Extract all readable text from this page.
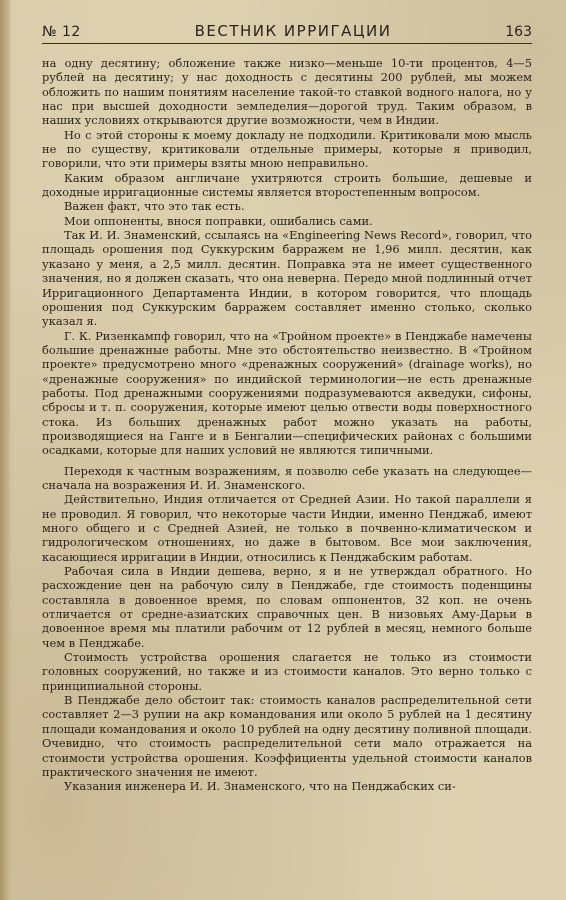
№ 12	ВЕСТНИК ИРРИГАЦИИ	163

на одну десятину; обложение также низко—меньше 10-ти процентов, 4—5 рублей на десятину; у нас доходность с десятины 200 рублей, мы можем обложить по нашим понятиям население такой-то ставкой водного налога, но у нас при высшей доходности земледелия—дорогой труд. Таким образом, в наших условиях открываются другие возможности, чем в Индии.

Но с этой стороны к моему докладу не подходили. Критиковали мою мысль не по существу, критиковали отдельные примеры, которые я приводил, говорили, что эти примеры взяты мною неправильно.

Каким образом англичане ухитряются строить большие, дешевые и доходные ирригационные системы является второстепенным вопросом.

Важен факт, что это так есть.

Мои оппоненты, внося поправки, ошибались сами.

Так И. И. Знаменский, ссылаясь на «Engineering News Record», говорил, что площадь орошения под Суккурским барражем не 1,96 милл. десятин, как указано у меня, а 2,5 милл. десятин. Поправка эта не имеет существенного значения, но я должен сказать, что она неверна. Передо мной подлинный отчет Ирригационного Департамента Индии, в котором говорится, что площадь орошения под Суккурским барражем составляет именно столько, сколько указал я.

Г. К. Ризенкампф говорил, что на «Тройном проекте» в Пенджабе намечены большие дренажные работы. Мне это обстоятельство неизвестно. В «Тройном проекте» предусмотрено много «дренажных сооружений» (drainage works), но «дренажные сооружения» по индийской терминологии—не есть дренажные работы. Под дренажными сооружениями подразумеваются акведуки, сифоны, сбросы и т. п. сооружения, которые имеют целью отвести воды поверхностного стока. Из больших дренажных работ можно указать на работы, производящиеся на Ганге и в Бенгалии—специфических районах с большими осадками, которые для наших условий не являются типичными.

Переходя к частным возражениям, я позволю себе указать на следующее—сначала на возражения И. И. Знаменского.

Действительно, Индия отличается от Средней Азии. Но такой параллели я не проводил. Я говорил, что некоторые части Индии, именно Пенджаб, имеют много общего и с Средней Азией, не только в почвенно-климатическом и гидрологическом отношениях, но даже в бытовом. Все мои заключения, касающиеся ирригации в Индии, относились к Пенджабским работам.

Рабочая сила в Индии дешева, верно, я и не утверждал обратного. Но расхождение цен на рабочую силу в Пенджабе, где стоимость поденщины составляла в довоенное время, по словам оппонентов, 32 коп. не очень отличается от средне-азиатских справочных цен. В низовьях Аму-Дарьи в довоенное время мы платили рабочим от 12 рублей в месяц, немного больше чем в Пенджабе.

Стоимость устройства орошения слагается не только из стоимости головных сооружений, но также и из стоимости каналов. Это верно только с принципиальной стороны.

В Пенджабе дело обстоит так: стоимость каналов распределительной сети составляет 2—3 рупии на акр командования или около 5 рублей на 1 десятину площади командования и около 10 рублей на одну десятину поливной площади. Очевидно, что стоимость распределительной сети мало отражается на стоимости устройства орошения. Коэффициенты удельной стоимости каналов практического значения не имеют.

Указания инженера И. И. Знаменского, что на Пенджабских си-
